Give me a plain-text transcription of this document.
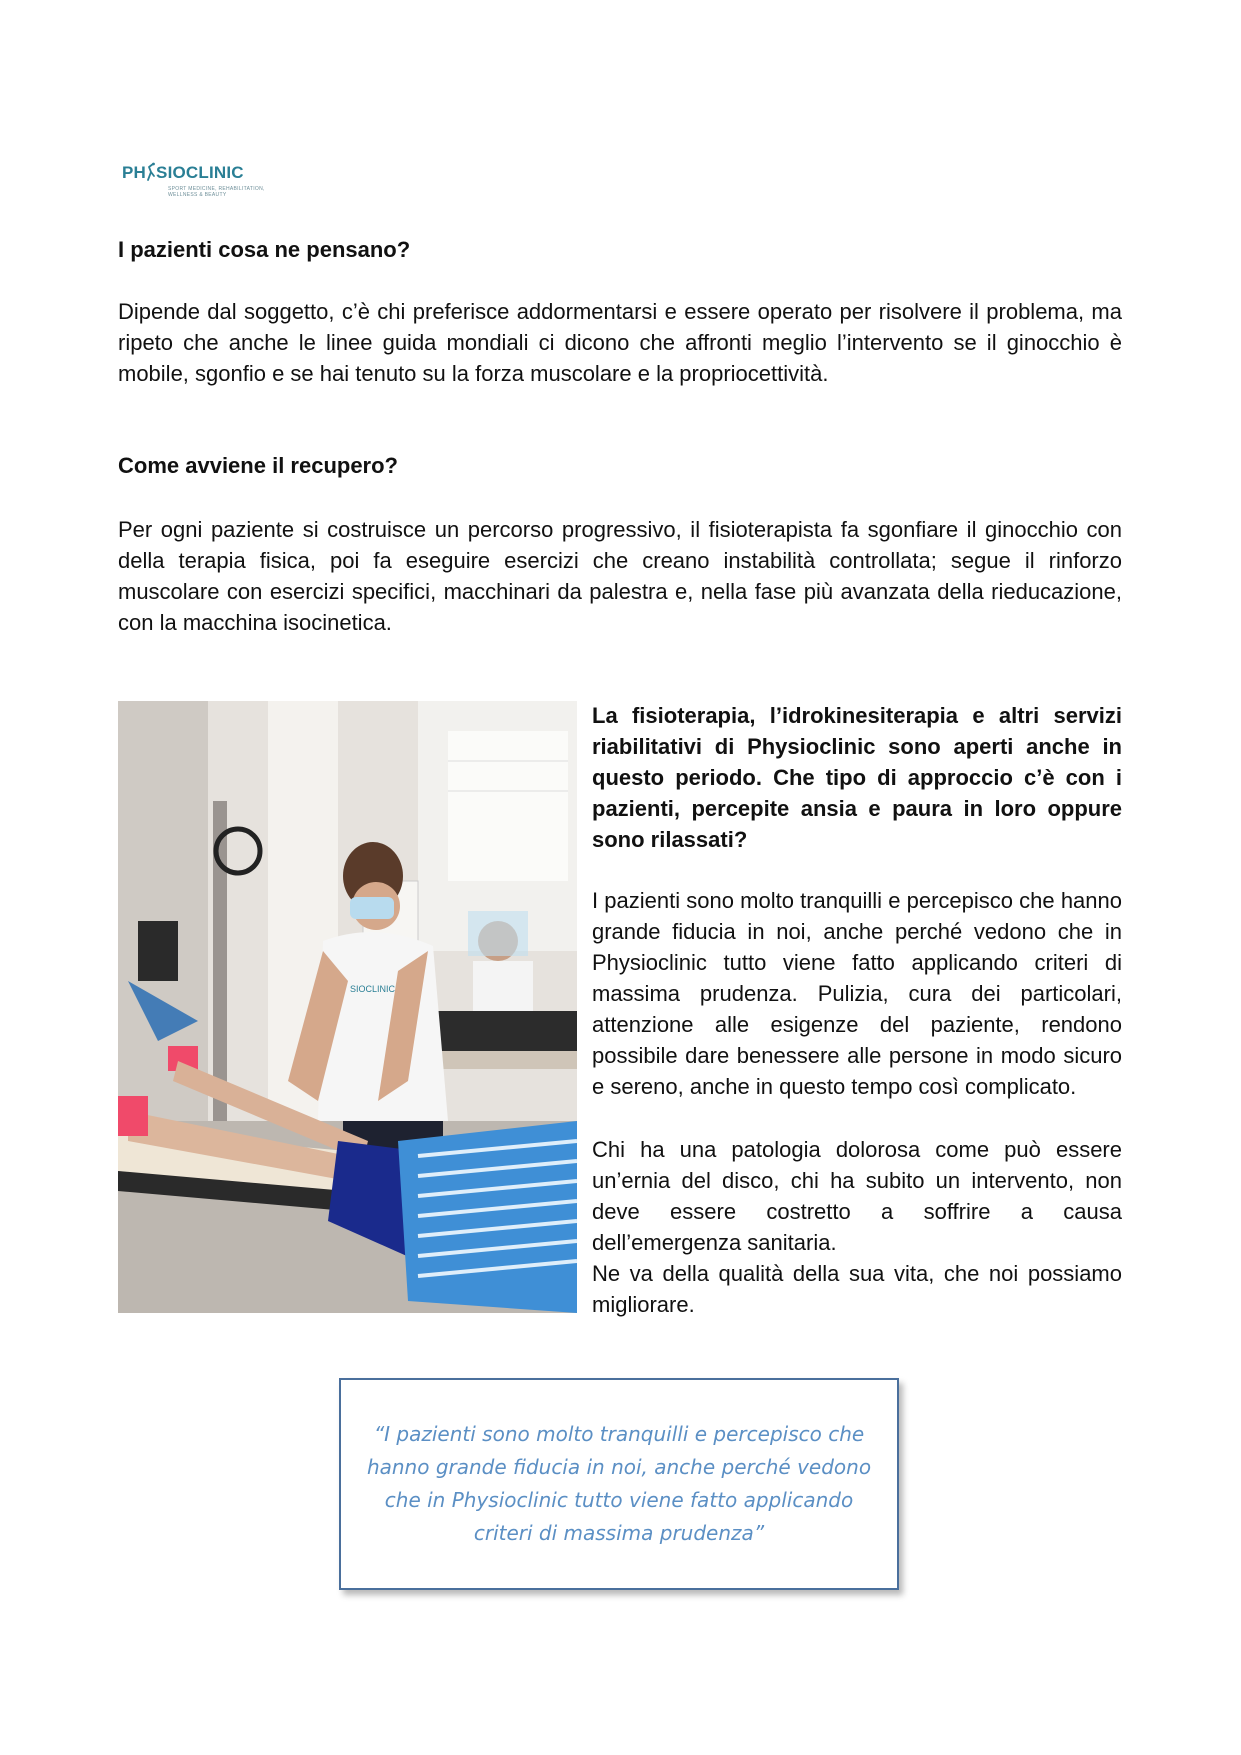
PH SIOCLINIC
SPORT MEDICINE, REHABILITATION,
WELLNESS & BEAUTY
I pazienti cosa ne pensano?
Dipende dal soggetto, c’è chi preferisce addormentarsi e essere operato per risolvere il problema, ma ripeto che anche le linee guida mondiali ci dicono che affronti meglio l’intervento se il ginocchio è mobile, sgonfio e se hai tenuto su la forza muscolare e la propriocettività.
Come avviene il recupero?
Per ogni paziente si costruisce un percorso progressivo, il fisioterapista fa sgonfiare il ginocchio con della terapia fisica, poi fa eseguire esercizi che creano instabilità controllata; segue il rinforzo muscolare con esercizi specifici, macchinari da palestra e, nella fase più avanzata della rieducazione, con la macchina isocinetica.
SIOCLINIC
La fisioterapia, l’idrokinesiterapia e altri servizi riabilitativi di Physioclinic sono aperti anche in questo periodo. Che tipo di approccio c’è con i pazienti, percepite ansia e paura in loro oppure sono rilassati?
I pazienti sono molto tranquilli e percepisco che hanno grande fiducia in noi, anche perché vedono che in Physioclinic tutto viene fatto applicando criteri di massima prudenza. Pulizia, cura dei particolari, attenzione alle esigenze del paziente, rendono possibile dare benessere alle persone in modo sicuro e sereno, anche in questo tempo così complicato.
Chi ha una patologia dolorosa come può essere un’ernia del disco, chi ha subito un intervento, non deve essere costretto a soffrire a causa dell’emergenza sanitaria.
Ne va della qualità della sua vita, che noi possiamo migliorare.
“I pazienti sono molto tranquilli e percepisco che hanno grande fiducia in noi, anche perché vedono che in Physioclinic tutto viene fatto applicando criteri di massima prudenza”
